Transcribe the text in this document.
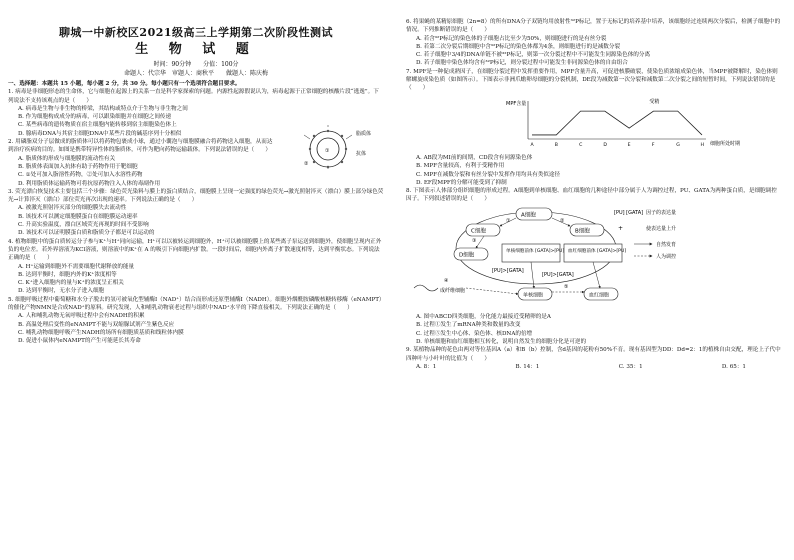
聊城一中新校区2021级高三上学期第二次阶段性测试
生 物 试 题
时间：90分钟　　分值：100分
命题人：代宗华　审题人：商秋平　　做题人：陈庆梅

一、选择题：本题共 15 小题，每小题 2 分，共 30 分。每小题只有一个选项符合题目要求。

1. 病毒是非细胞形态的生命体，它与细胞在起源上的关系一直是科学家探索的问题。内源性起源假说认为，病毒起源于正常细胞的核酸片段“逃逸”。下列说法不支持该观点的是（　　）

A. 病毒是生物与非生物的桥梁，其结构或特点介于生物与非生物之间

B. 作为细胞构成成分的病毒，可以跟染细胞并在细胞之间传递

C. 某些病毒的遗传物质在宿主细胞内能转移到宿主细胞染色体上

D. 腺病毒DNA与其宿主细胞DNA中某些片段的碱基序列十分相似

2. 用磷脂双分子层做成的脂质体可以将药物包裹成小球，通过小囊泡与细胞膜融合将药物送入细胞，从而达到治疗疾病的目的。如图是携带特异性体的脂质体，可作为靶向药物运输载体。下列说法错误的是（　　）

A. 脂质体的形成与细胞膜的流动性有关

B. 脂质体表面加入抗体有助于药物作用于靶细胞

C. ①处可加入脂溶性药物，②处可加入水溶性药物

D. 利用脂质体运输药物可将抗原药物注入人体的毒副作用

脂质体
抗体
①
②

3. 荧光漂白恢复技术主要包括三个步骤：绿色荧光染料与膜上的蛋白质结合，细胞膜上呈现一定强度的绿色荧光→激光照射淬灭（漂白）膜上部分绿色荧光→计算淬灭（漂白）部位荧光再次出现的速率。下列说法正确的是（　　）

A. 被激光照射淬灭部分的细胞膜失去流动性

B. 该技术可以测定细胞膜蛋白在细胞膜运动速率

C. 升高实验温度，漂白区域荧光再现的时间不受影响

D. 该技术可以证明膜蛋白质和脂质分子都是可以运动的

4. 植物细胞中的蛋白质转运分子参与K⁺与H⁺同向运输，H⁺可以以被转运到细胞外，H⁺可以被细胞膜上的某些离子泵运送到细胞外，使细胞呈现内正外负的电位差。若外界溶液为KCl溶液，则溶液中的K⁺在 A 的吸引下向细胞内扩散。一段时间后，细胞内外离子扩散速度相等，达到平衡状态。下列说法正确的是（　　）

A. H⁺运输到细胞外不需要细胞代谢释放的能量

B. 达到平衡时，细胞内外的K⁺浓度相等

C. K⁺进入细胞内的量与K⁺的浓度呈正相关

D. 达到平衡时，无水分子进入细胞

5. 细胞呼吸过程中葡萄糖和水分子脱去的氢可被氧化型辅酶Ⅰ（NAD⁺）结合而形成还原型辅酶Ⅰ（NADH）。细胞外烟酰胺磷酸核糖转移酶（eNAMPT）的催化产物NMN是合成NAD⁺的原料。研究发现，人和哺乳动物衰老过程与组织中NAD⁺水平的下降直接相关。下列说法正确的是（　　）

A. 人和哺乳动物无氧呼吸过程中会有NADH的积累

B. 高温处理后变性的eNAMPT不能与双缩脲试剂产生紫色反应

C. 哺乳动物细胞呼吸产生NADH的场所有细胞质基质和线粒体内膜

D. 促进小鼠体内eNAMPT的产生可能延长其寿命

6. 将果蝇的某精原细胞（2n=8）的所有DNA分子双链均用放射性³²P标记，置于无标记的培养基中培养，该细胞经过连续两次分裂后，检测子细胞中的情况。下列推断错误的是（　　）

A. 若含³²P标记的染色体的子细胞占比至少为50%，则细胞进行的是有丝分裂

B. 若第二次分裂后期细胞中含³²P标记的染色体都为4条，则细胞进行的是减数分裂

C. 若子细胞中3/4的DNA单链不被³²P标记，则第一次分裂过程中不可能发生同源染色体的分离

D. 若子细胞中染色体均含有³²P标记，则分裂过程中可能发生非同源染色体的自由组合

7. MPF是一种促成熟因子，在细胞分裂过程中发挥重要作用，MPF含量升高，可促进核膜破裂，使染色质浓缩成染色体，当MPF被降解时，染色体则解螺旋成染色质（如图所示）。下图表示非洲爪蟾卵母细胞的分裂机制，DE段为减数第一次分裂和减数第二次分裂之间的短暂时间，下列说法错误的是（　　）

MPF含量
A	B	C	D	E	F	G	H
受精
细胞所处时期

A. AB段为MI前的间期，CD段含有同源染色体

B. MPF含量较高，有利于受精作用

C. MPF在减数分裂和有丝分裂中发挥作用均具有类似途径

D. EF段MPF的分解可能受到了抑制

8. 下图表示人体部分组织细胞的形成过程。A细胞到单核细胞、血红细胞的几种途径中部分属于人为调控过程，PU、GATA为两种蛋白质，是细胞调控因子。下列叙述错误的是（　　）

A细胞
C细胞	B细胞
D细胞
单核细胞前体 [GATA]>[PU] 血红细胞前体 [GATA]>[PU]
[PU]>[GATA]
[PU]>[GATA]
单核细胞	血红细胞
成纤维细胞
①	②
③
④
⑤
[PU] [GATA] 因子的表达量
+	使表达量上升
自然发育
人为调控

A. 图中ABCD四类细胞，分化能力最接近受精卵的是A

B. 过程①发生了mRNA种类和数量的改变

C. 过程⑤发生中心体、染色体、核DNA的倍增

D. 单核细胞和血红细胞相互转化，说明自然发生的细胞分化是可逆的

9. 某植物品种的花色由两对等位基因A（a）和B（b）控制，含d基因的花粉有50%不育。现有基因型为DD：Dd=2：1的植株自由交配，理论上子代中四种叶与小叶叶的比值为（　　）

A. 8：1	B. 14：1	C. 35：1	D. 65：1
